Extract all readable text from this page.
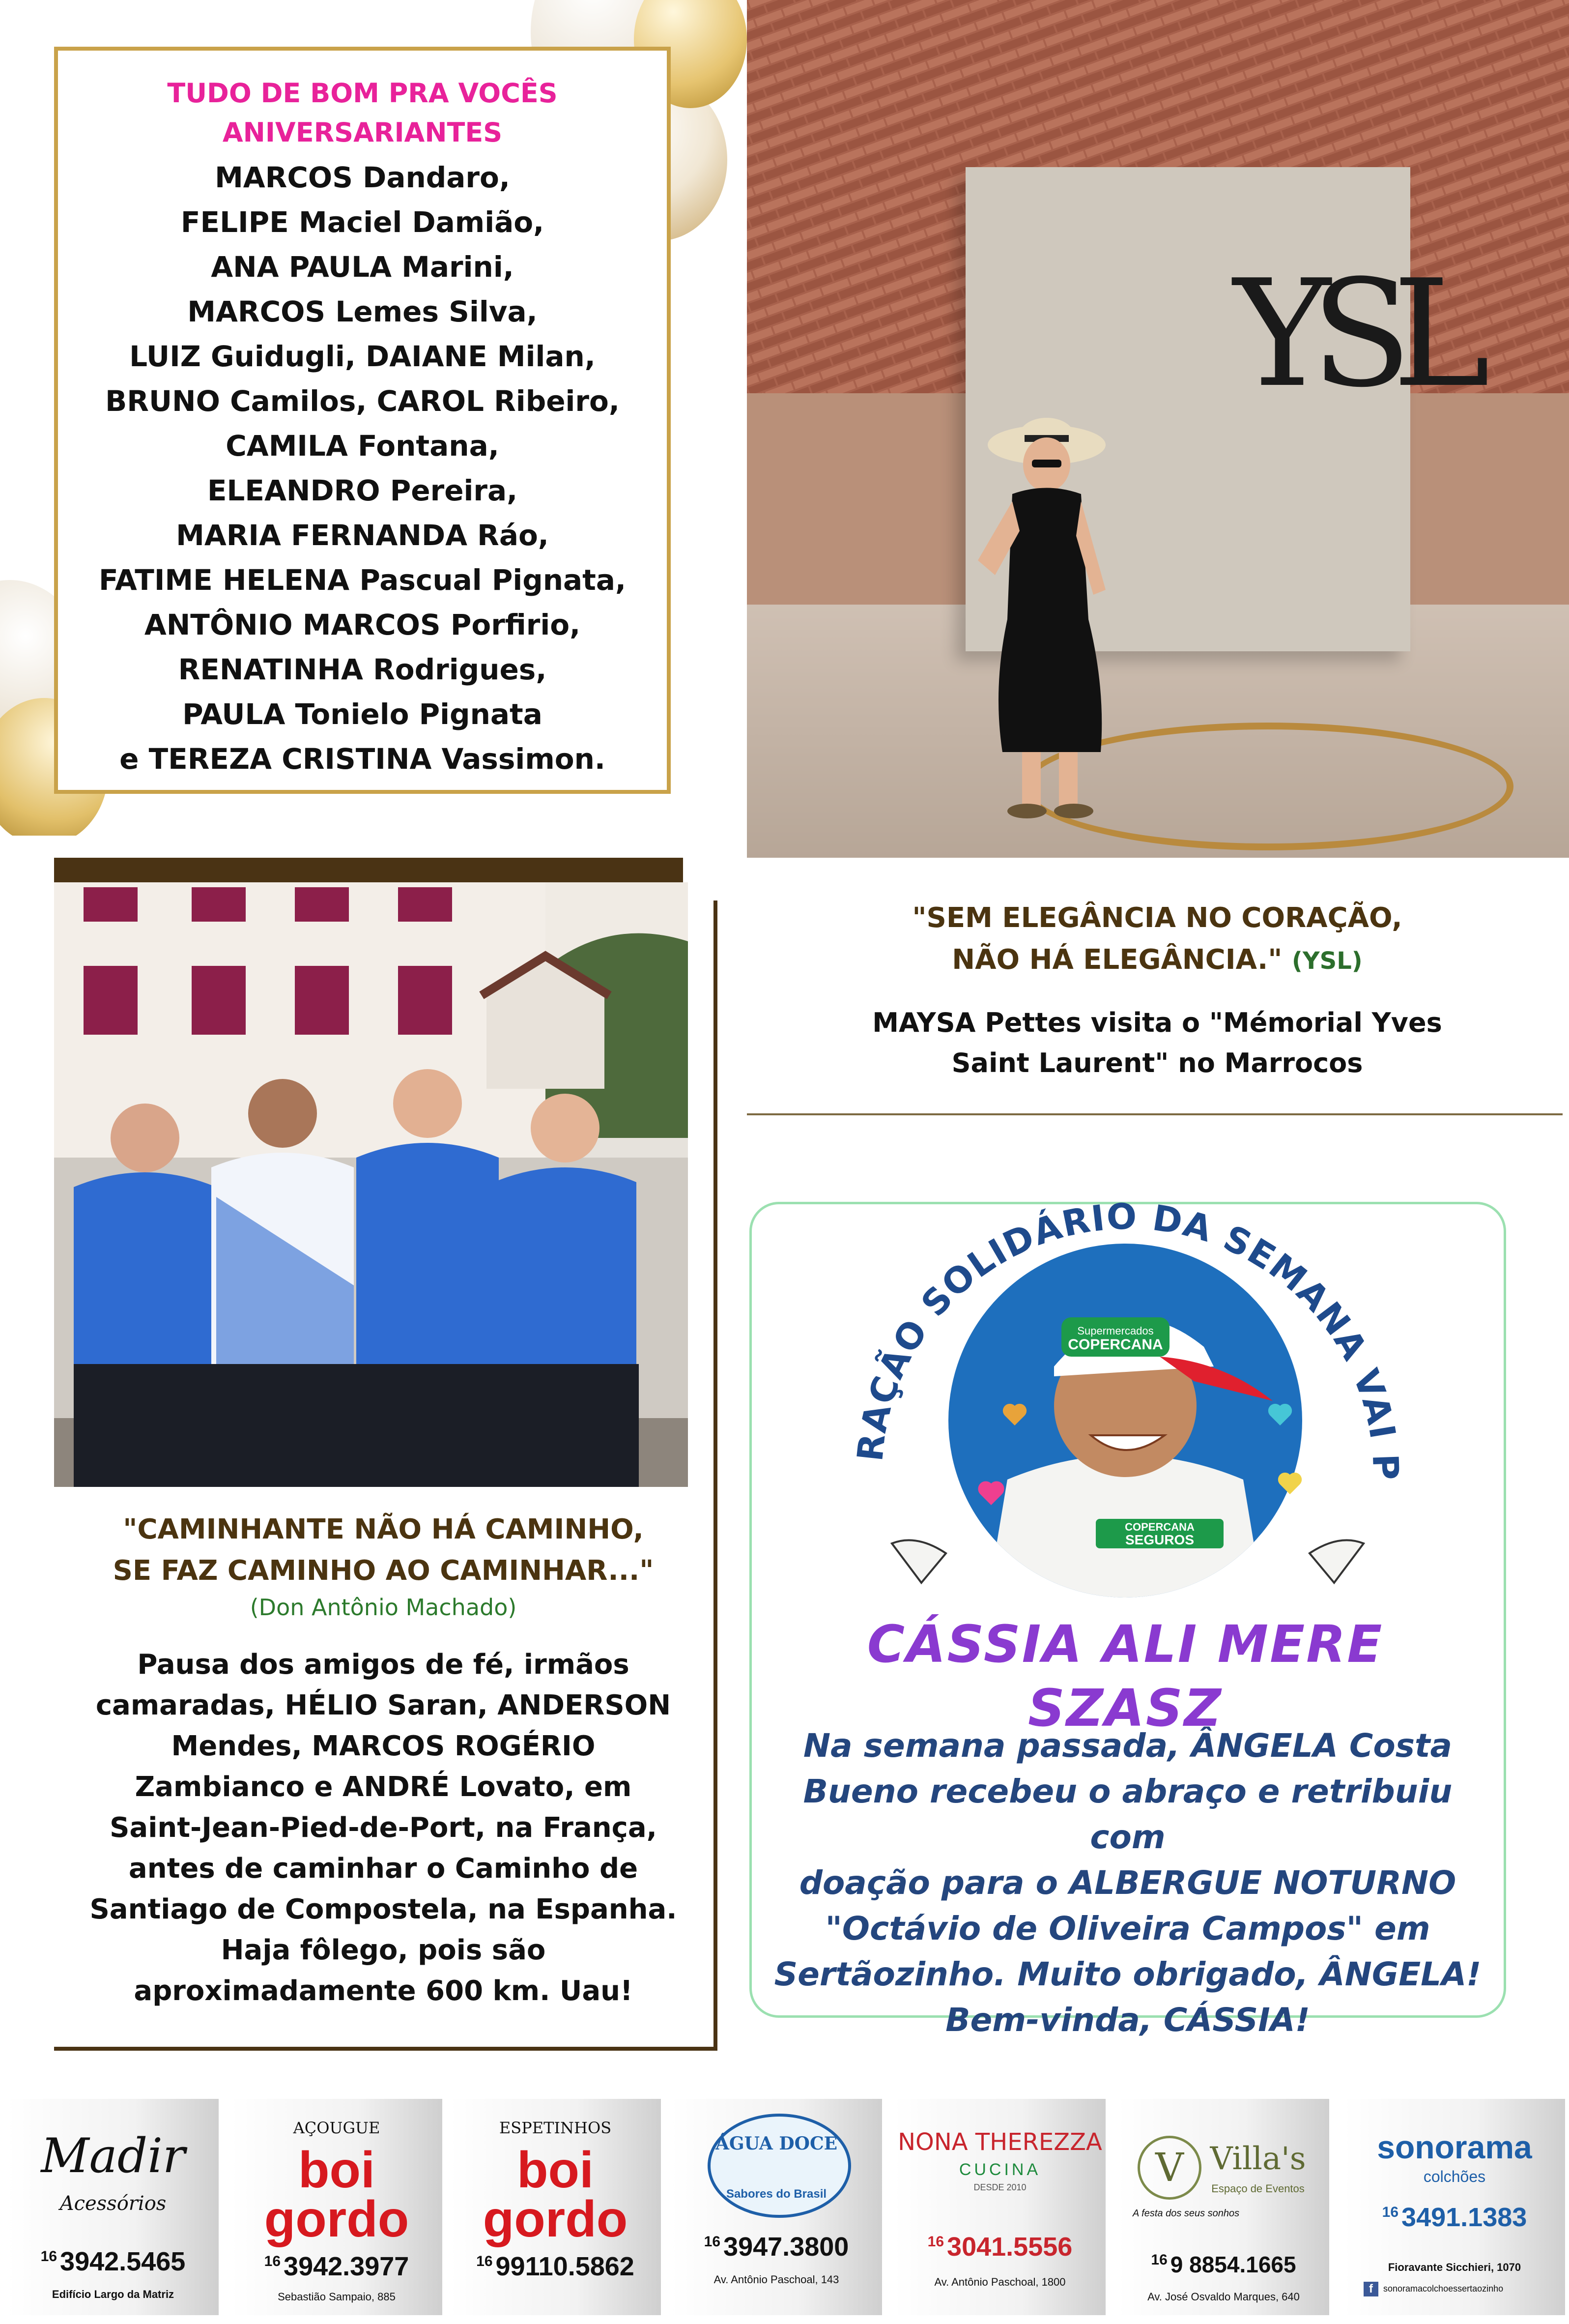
TUDO DE BOM PRA VOCÊS
ANIVERSARIANTES
MARCOS Dandaro,
FELIPE Maciel Damião,
ANA PAULA Marini,
MARCOS Lemes Silva,
LUIZ Guidugli, DAIANE Milan,
BRUNO Camilos, CAROL Ribeiro,
CAMILA Fontana,
ELEANDRO Pereira,
MARIA FERNANDA Ráo,
FATIME HELENA Pascual Pignata,
ANTÔNIO MARCOS Porfirio,
RENATINHA Rodrigues,
PAULA Tonielo Pignata
e TEREZA CRISTINA Vassimon.
YSL
"SEM ELEGÂNCIA NO CORAÇÃO,
NÃO HÁ ELEGÂNCIA." (YSL)
MAYSA Pettes visita o "Mémorial Yves
Saint Laurent" no Marrocos
"CAMINHANTE NÃO HÁ CAMINHO,
SE FAZ CAMINHO AO CAMINHAR..."
(Don Antônio Machado)
Pausa dos amigos de fé, irmãos
camaradas, HÉLIO Saran, ANDERSON
Mendes, MARCOS ROGÉRIO
Zambianco e ANDRÉ Lovato, em
Saint-Jean-Pied-de-Port, na França,
antes de caminhar o Caminho de
Santiago de Compostela, na Espanha.
Haja fôlego, pois são
aproximadamente 600 km. Uau!
Supermercados
COPERCANA
COPERCANA
SEGUROS
O ABRAÇÃO SOLIDÁRIO DA SEMANA VAI PARA
CÁSSIA ALI MERE SZASZ
Na semana passada, ÂNGELA Costa
Bueno recebeu o abraço e retribuiu com
doação para o ALBERGUE NOTURNO
"Octávio de Oliveira Campos" em
Sertãozinho. Muito obrigado, ÂNGELA!
Bem-vinda, CÁSSIA!
Madir
Acessórios
$^{16}$ 3942.5465
Edifício Largo da Matriz
AÇOUGUE
boi gordo
$^{16}$ 3942.3977
Sebastião Sampaio, 885
ESPETINHOS
boi gordo
$^{16}$ 99110.5862
ÁGUA DOCE
Sabores do Brasil
$^{16}$ 3947.3800
Av. Antônio Paschoal, 143
NONA THEREZZA
CUCINA
DESDE 2010
$^{16}$ 3041.5556
Av. Antônio Paschoal, 1800
V Villa's
Espaço de Eventos
A festa dos seus sonhos
$^{16}$ 9 8854.1665
Av. José Osvaldo Marques, 640
sonorama
colchões
$^{16}$ 3491.1383
Fioravante Sicchieri, 1070
f	sonoramacolchoessertaozinho
